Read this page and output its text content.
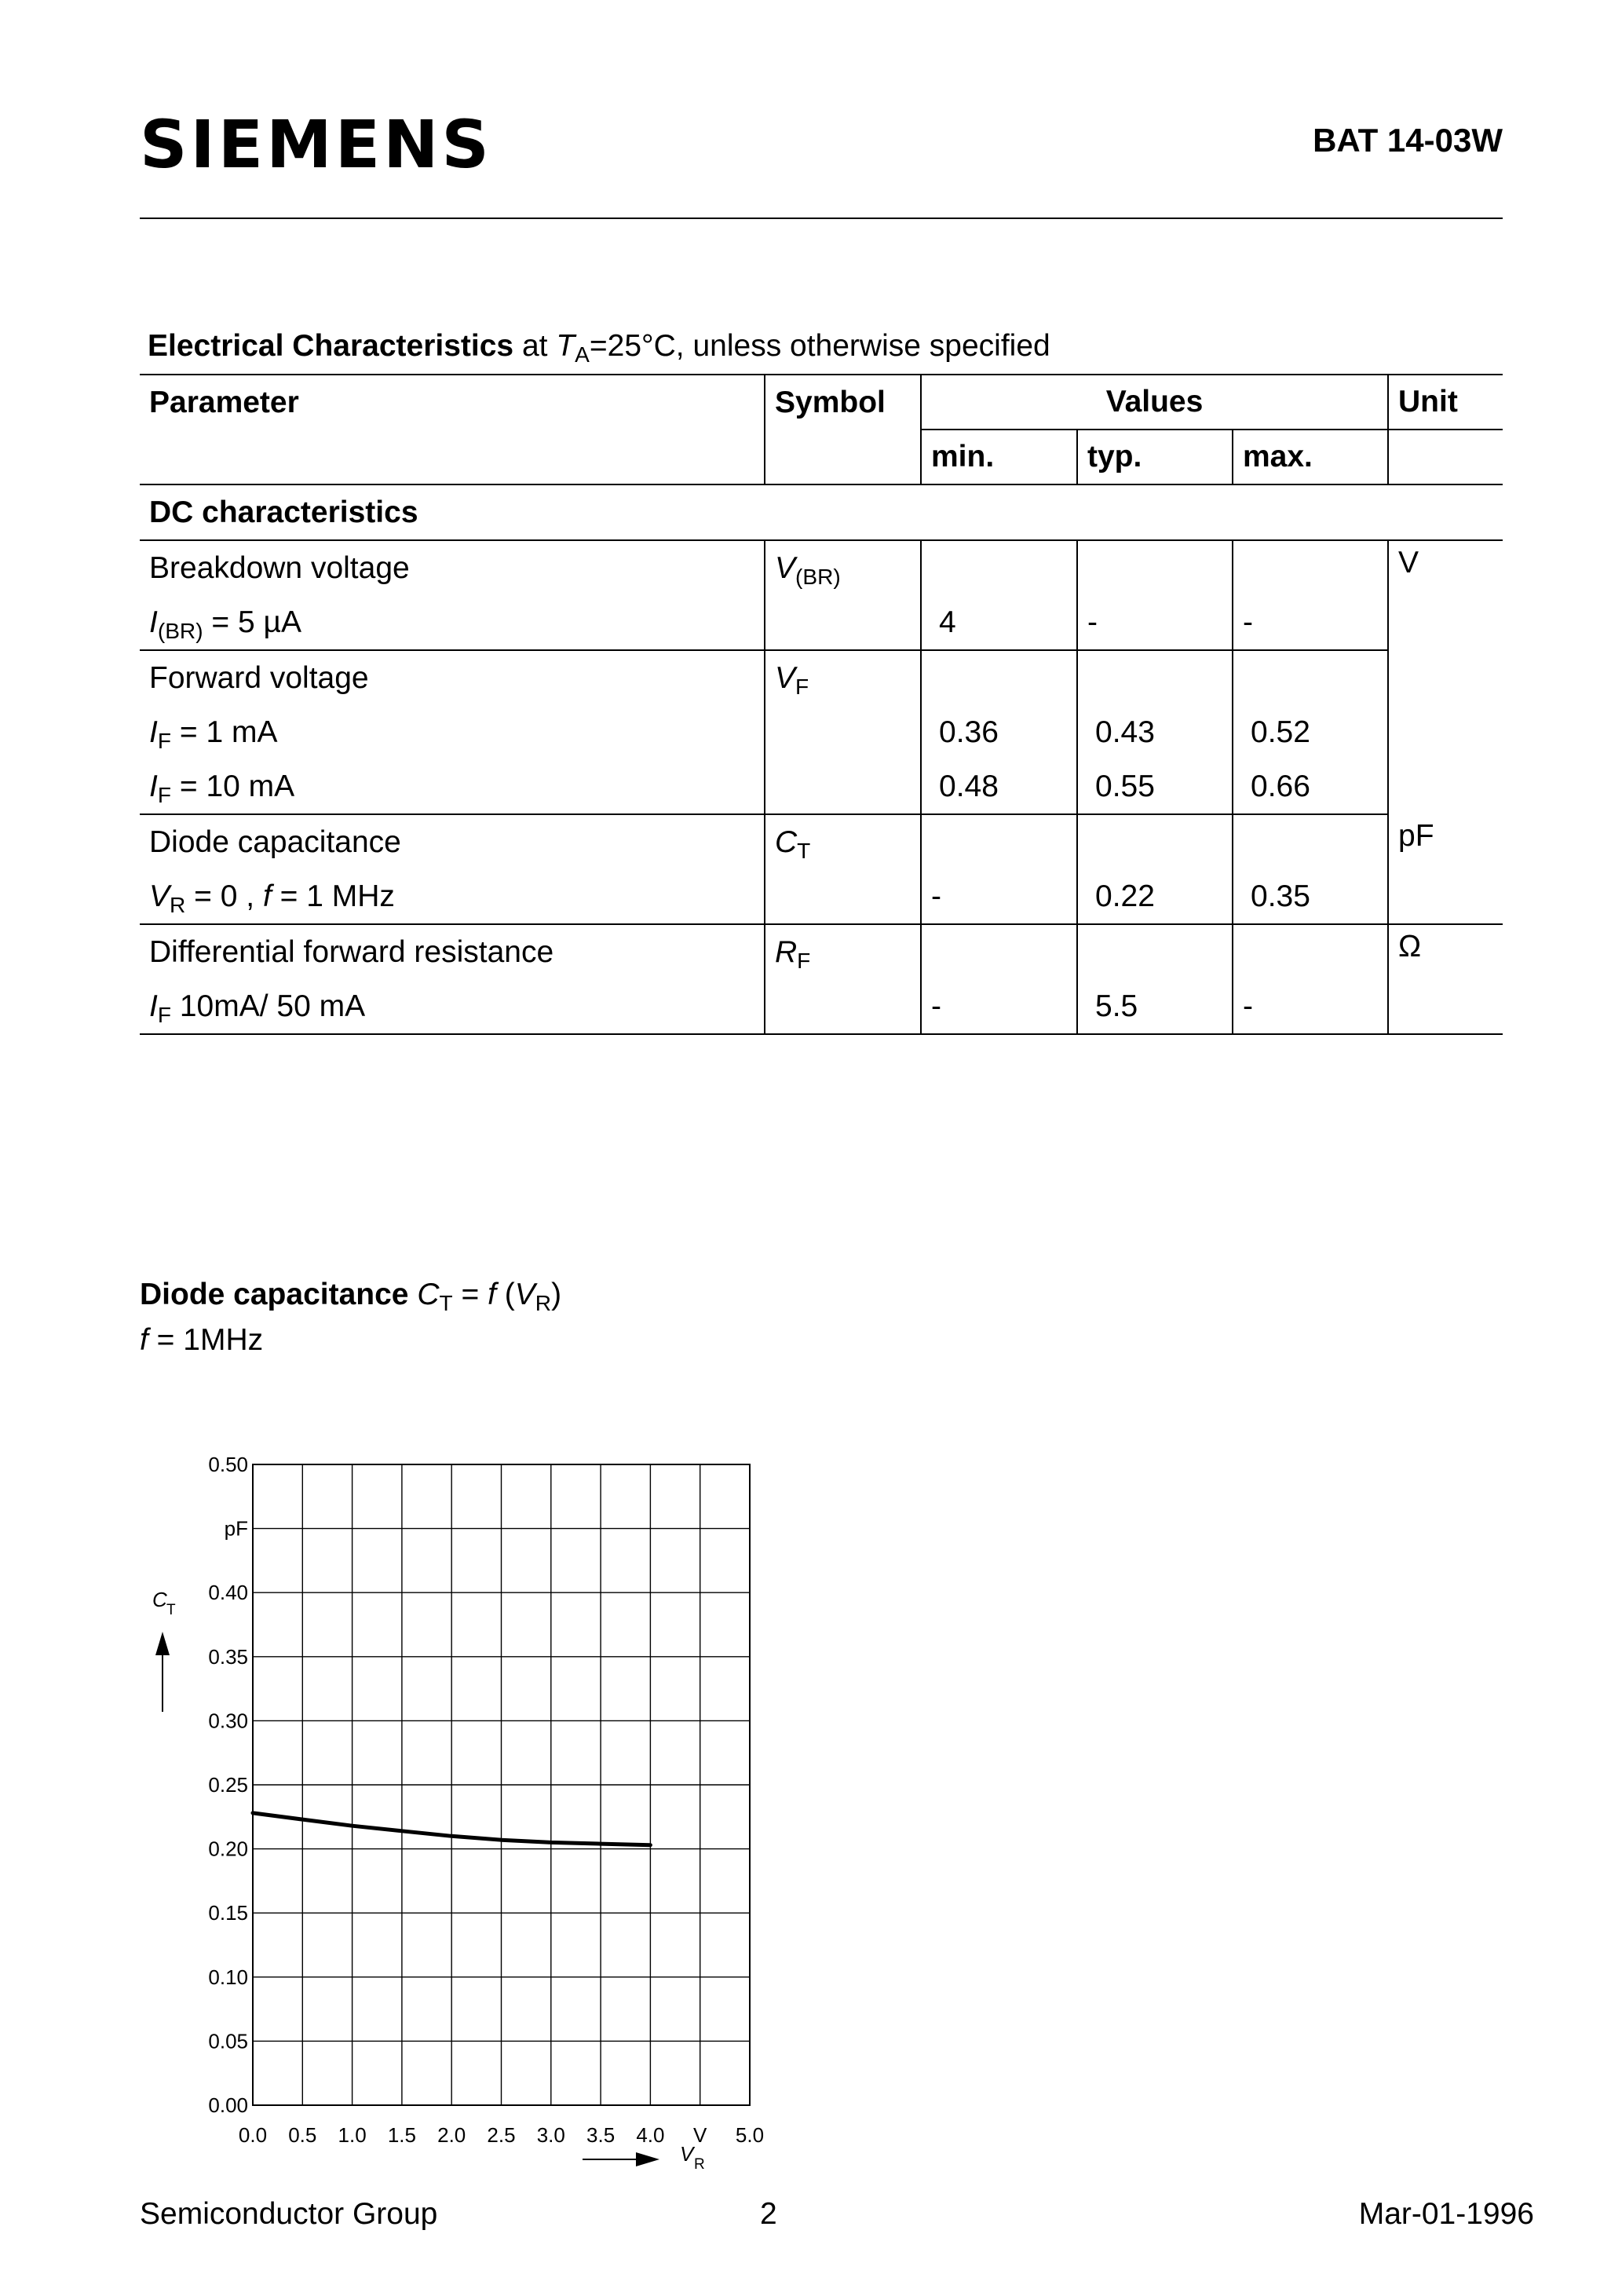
SIEMENS	BAT 14-03W
Electrical Characteristics at $T_A=25^\circ C$, unless otherwise specified
Parameter	Symbol	Values			Unit
		min.	typ.	max.	
DC characteristics					
Breakdown voltage	$V_{(BR)}$				V
$I_{(BR)} = 5$ µA		4	-	-	
Forward voltage	$V_F$			
$I_F = 1$ mA		0.36	0.43	0.52	
$I_F = 10$ mA		0.48	0.55	0.66	
Diode capacitance	$C_T$				pF
$V_R = 0$ , f = 1 MHz		-	0.22	0.35	
Differential forward resistance	$R_F$				Ω
$I_F$ 10mA/ 50 mA		-	5.5	-	
Diode capacitance $C_T = f$ $(V_R)$
f = 1MHz
0.00
0.05
0.10
0.15
0.20
0.25
0.30
0.35
0.40
0.50
pF
0.0 0.5 1.0 1.5 2.0 2.5 3.0 3.5 4.0	5.0
V
C T
V R
Semiconductor Group	2	Mar-01-1996
